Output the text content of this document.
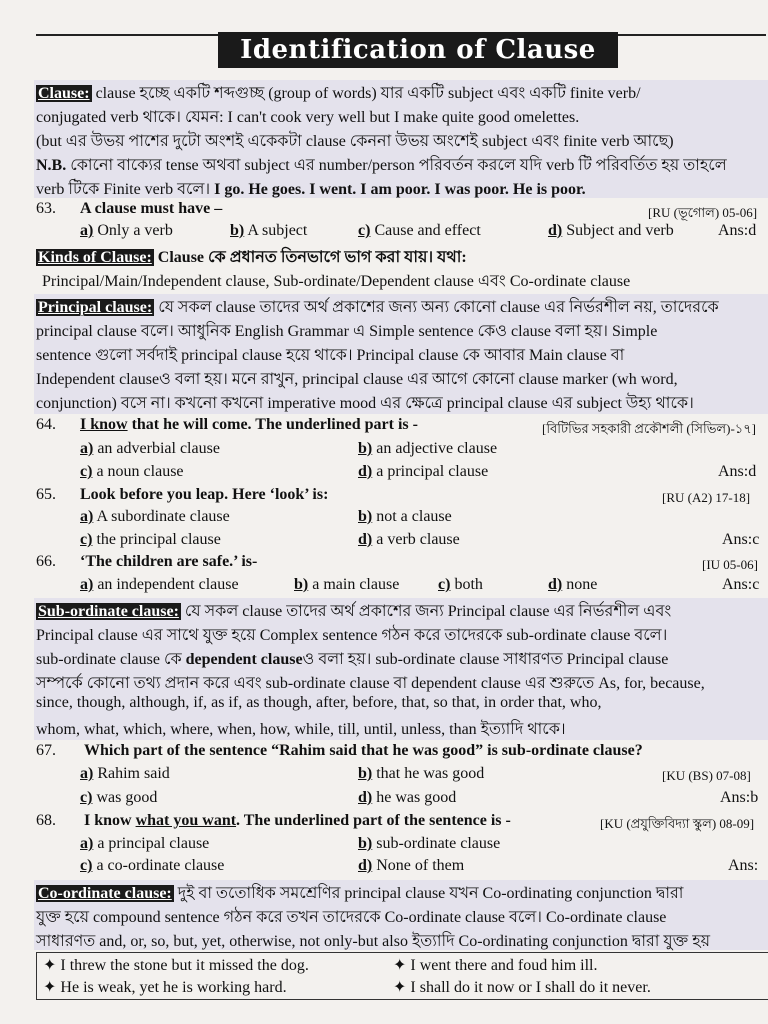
Identification of Clause
Clause: clause হচ্ছে একটি শব্দগুচ্ছ (group of words) যার একটি subject এবং একটি finite verb/
conjugated verb থাকে। যেমন: I can't cook very well but I make quite good omelettes.
(but এর উভয় পাশের দুটো অংশই একেকটা clause কেননা উভয় অংশেই subject এবং finite verb আছে)
N.B. কোনো বাক্যের tense অথবা subject এর number/person পরিবর্তন করলে যদি verb টি পরিবর্তিত হয় তাহলে
verb টিকে Finite verb বলে। I go. He goes. I went. I am poor. I was poor. He is poor.
63. A clause must have –	[RU (ভূগোল) 05-06]
a) Only a verb	b) A subject	c) Cause and effect	d) Subject and verb	Ans:d
Kinds of Clause: Clause কে প্রধানত তিনভাগে ভাগ করা যায়। যথা:
Principal/Main/Independent clause, Sub-ordinate/Dependent clause এবং Co-ordinate clause
Principal clause: যে সকল clause তাদের অর্থ প্রকাশের জন্য অন্য কোনো clause এর নির্ভরশীল নয়, তাদেরকে
principal clause বলে। আধুনিক English Grammar এ Simple sentence কেও clause বলা হয়। Simple
sentence গুলো সর্বদাই principal clause হয়ে থাকে। Principal clause কে আবার Main clause বা
Independent clauseও বলা হয়। মনে রাখুন, principal clause এর আগে কোনো clause marker (wh word,
conjunction) বসে না। কখনো কখনো imperative mood এর ক্ষেত্রে principal clause এর subject উহ্য থাকে।
64. I know that he will come. The underlined part is -	[বিটিভির সহকারী প্রকৌশলী (সিভিল)-১৭]
a) an adverbial clause	b) an adjective clause
c) a noun clause	d) a principal clause	Ans:d
65. Look before you leap. Here ‘look’ is:	[RU (A2) 17-18]
a) A subordinate clause	b) not a clause
c) the principal clause	d) a verb clause	Ans:c
66. ‘The children are safe.’ is-	[IU 05-06]
a) an independent clause	b) a main clause c) both	d) none	Ans:c
Sub-ordinate clause: যে সকল clause তাদের অর্থ প্রকাশের জন্য Principal clause এর নির্ভরশীল এবং
Principal clause এর সাথে যুক্ত হয়ে Complex sentence গঠন করে তাদেরকে sub-ordinate clause বলে।
sub-ordinate clause কে dependent clauseও বলা হয়। sub-ordinate clause সাধারণত Principal clause
সম্পর্কে কোনো তথ্য প্রদান করে এবং sub-ordinate clause বা dependent clause এর শুরুতে As, for, because,
since, though, although, if, as if, as though, after, before, that, so that, in order that, who,
whom, what, which, where, when, how, while, till, until, unless, than ইত্যাদি থাকে।
67. Which part of the sentence “Rahim said that he was good” is sub-ordinate clause?
[KU (BS) 07-08]
a) Rahim said	b) that he was good
c) was good	d) he was good	Ans:b
68. I know what you want. The underlined part of the sentence is -	[KU (প্রযুক্তিবিদ্যা স্কুল) 08-09]
a) a principal clause	b) sub-ordinate clause
c) a co-ordinate clause	d) None of them	Ans:
Co-ordinate clause: দুই বা ততোধিক সমশ্রেণির principal clause যখন Co-ordinating conjunction দ্বারা
যুক্ত হয়ে compound sentence গঠন করে তখন তাদেরকে Co-ordinate clause বলে। Co-ordinate clause
সাধারণত and, or, so, but, yet, otherwise, not only-but also ইত্যাদি Co-ordinating conjunction দ্বারা যুক্ত হয়
✦ I threw the stone but it missed the dog.	✦ I went there and foud him ill.
✦ He is weak, yet he is working hard.	✦ I shall do it now or I shall do it never.
